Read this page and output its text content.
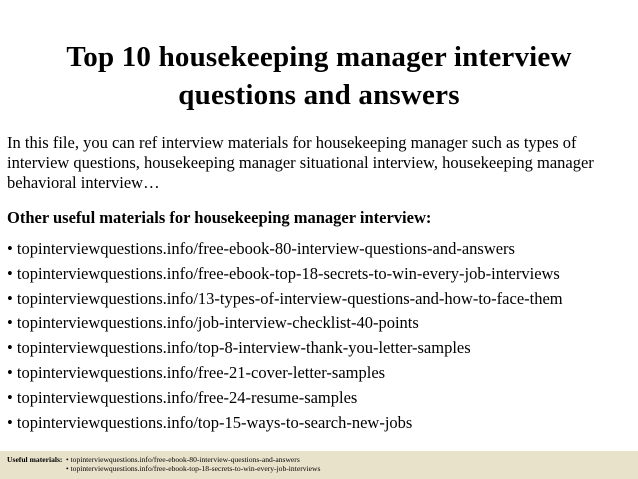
Top 10 housekeeping manager interview
questions and answers
In this file, you can ref interview materials for housekeeping manager such as types of interview questions, housekeeping manager situational interview, housekeeping manager behavioral interview…
Other useful materials for housekeeping manager interview:
• topinterviewquestions.info/free-ebook-80-interview-questions-and-answers
• topinterviewquestions.info/free-ebook-top-18-secrets-to-win-every-job-interviews
• topinterviewquestions.info/13-types-of-interview-questions-and-how-to-face-them
• topinterviewquestions.info/job-interview-checklist-40-points
• topinterviewquestions.info/top-8-interview-thank-you-letter-samples
• topinterviewquestions.info/free-21-cover-letter-samples
• topinterviewquestions.info/free-24-resume-samples
• topinterviewquestions.info/top-15-ways-to-search-new-jobs
Useful materials: • topinterviewquestions.info/free-ebook-80-interview-questions-and-answers
• topinterviewquestions.info/free-ebook-top-18-secrets-to-win-every-job-interviews
